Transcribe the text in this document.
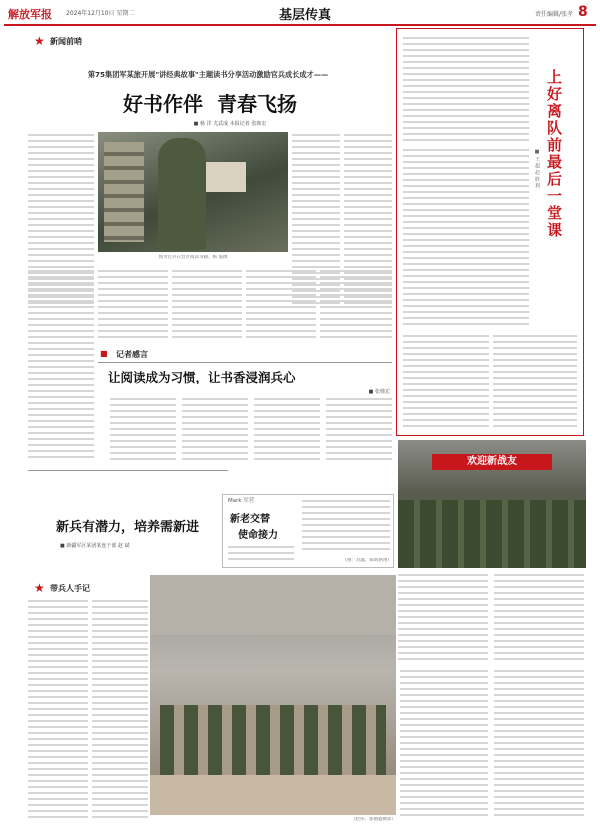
解放军报	2024年12月10日 星期二	基层传真	责任编辑/张孝 8
★ 新闻前哨
第75集团军某旅开展"讲经典故事"主题读书分享活动激励官兵成长成才——
好书作伴  青春飞扬
■ 杨 洋 尤武成 本报记者 张韩宏
图为官兵在营区阅读书籍。杨 溢摄
■	记者感言
让阅读成为习惯，让书香浸润兵心
■ 张韩宏
上好离队前最后一堂课
■ 王 超 赵 胜 利
新兵有潜力，培养需新进
■ 新疆军区某团某连干部 赵 斌
Mark 军营
新老交替
使命接力
（图：苏鑫，陈辉供图）
欢迎新战友
★ 带兵人手记
（赵伟、郭德鑫摄影）
